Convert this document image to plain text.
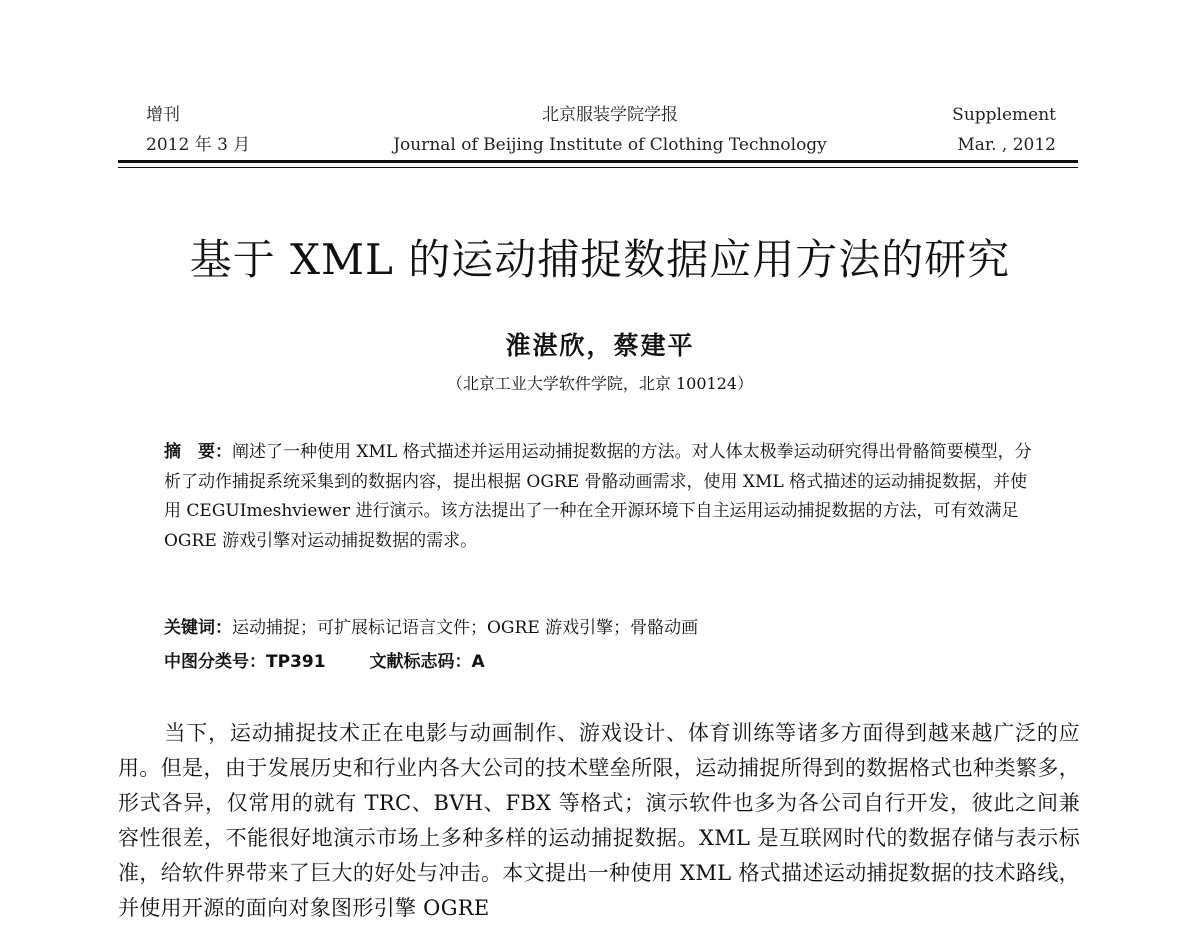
增刊
2012 年 3 月
北京服装学院学报
Journal of Beijing Institute of Clothing Technology
Supplement
Mar. , 2012
基于 XML 的运动捕捉数据应用方法的研究
淮湛欣，蔡建平
（北京工业大学软件学院，北京 100124）
摘　要：阐述了一种使用 XML 格式描述并运用运动捕捉数据的方法。对人体太极拳运动研究得出骨骼简要模型，分析了动作捕捉系统采集到的数据内容，提出根据 OGRE 骨骼动画需求，使用 XML 格式描述的运动捕捉数据，并使用 CEGUImeshviewer 进行演示。该方法提出了一种在全开源环境下自主运用运动捕捉数据的方法，可有效满足 OGRE 游戏引擎对运动捕捉数据的需求。
关键词：运动捕捉；可扩展标记语言文件；OGRE 游戏引擎；骨骼动画
中图分类号：TP391	文献标志码：A
当下，运动捕捉技术正在电影与动画制作、游戏设计、体育训练等诸多方面得到越来越广泛的应用。但是，由于发展历史和行业内各大公司的技术壁垒所限，运动捕捉所得到的数据格式也种类繁多，形式各异，仅常用的就有 TRC、BVH、FBX 等格式；演示软件也多为各公司自行开发，彼此之间兼容性很差，不能很好地演示市场上多种多样的运动捕捉数据。XML 是互联网时代的数据存储与表示标准，给软件界带来了巨大的好处与冲击。本文提出一种使用 XML 格式描述运动捕捉数据的技术路线，并使用开源的面向对象图形引擎 OGRE
